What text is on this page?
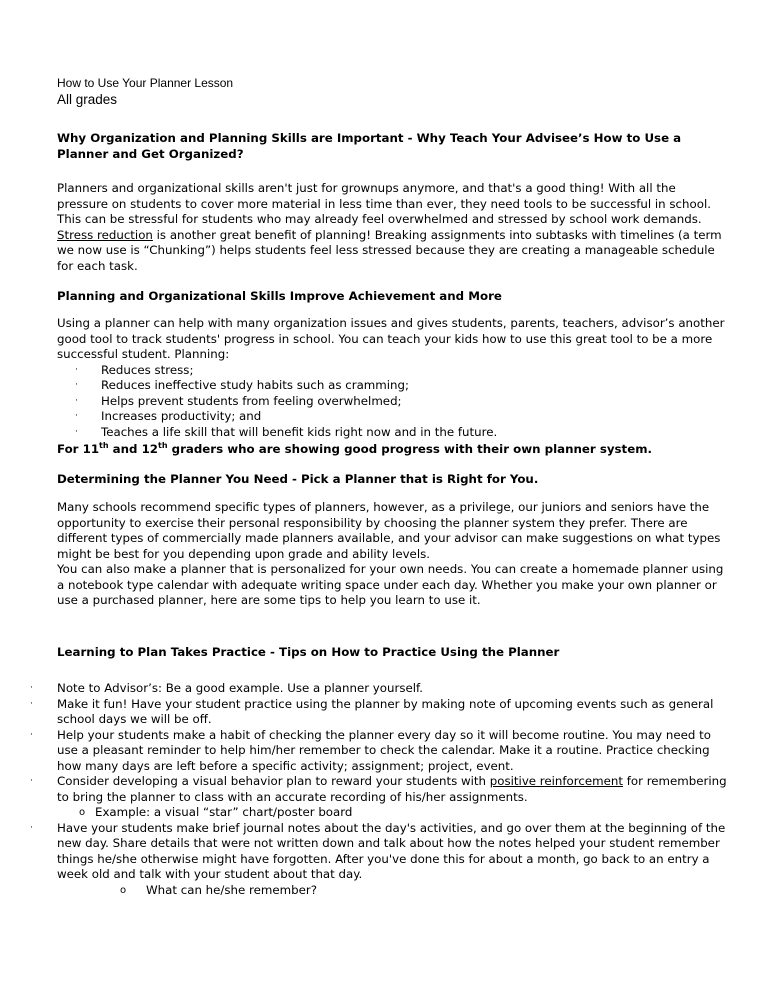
How to Use Your Planner Lesson
All grades
Why Organization and Planning Skills are Important - Why Teach Your Advisee’s How to Use a Planner and Get Organized?

Planners and organizational skills aren't just for grownups anymore, and that's a good thing! With all the pressure on students to cover more material in less time than ever, they need tools to be successful in school. This can be stressful for students who may already feel overwhelmed and stressed by school work demands. Stress reduction is another great benefit of planning! Breaking assignments into subtasks with timelines (a term we now use is “Chunking”) helps students feel less stressed because they are creating a manageable schedule for each task.

Planning and Organizational Skills Improve Achievement and More

Using a planner can help with many organization issues and gives students, parents, teachers, advisor’s another good tool to track students' progress in school. You can teach your kids how to use this great tool to be a more successful student. Planning:

‧ Reduces stress;
‧ Reduces ineffective study habits such as cramming;
‧ Helps prevent students from feeling overwhelmed;
‧ Increases productivity; and
‧ Teaches a life skill that will benefit kids right now and in the future.
For 11th and 12th graders who are showing good progress with their own planner system.
Determining the Planner You Need - Pick a Planner that is Right for You.

Many schools recommend specific types of planners, however, as a privilege, our juniors and seniors have the opportunity to exercise their personal responsibility by choosing the planner system they prefer. There are different types of commercially made planners available, and your advisor can make suggestions on what types might be best for you depending upon grade and ability levels.

You can also make a planner that is personalized for your own needs. You can create a homemade planner using a notebook type calendar with adequate writing space under each day. Whether you make your own planner or use a purchased planner, here are some tips to help you learn to use it.

Learning to Plan Takes Practice - Tips on How to Practice Using the Planner
‧ Note to Advisor’s: Be a good example. Use a planner yourself.
‧ Make it fun! Have your student practice using the planner by making note of upcoming events such as general school days we will be off.
‧ Help your students make a habit of checking the planner every day so it will become routine. You may need to use a pleasant reminder to help him/her remember to check the calendar. Make it a routine. Practice checking how many days are left before a specific activity; assignment; project, event.
‧ Consider developing a visual behavior plan to reward your students with positive reinforcement for remembering to bring the planner to class with an accurate recording of his/her assignments.
o Example: a visual “star” chart/poster board
‧ Have your students make brief journal notes about the day's activities, and go over them at the beginning of the new day. Share details that were not written down and talk about how the notes helped your student remember things he/she otherwise might have forgotten. After you've done this for about a month, go back to an entry a week old and talk with your student about that day.
o What can he/she remember?
